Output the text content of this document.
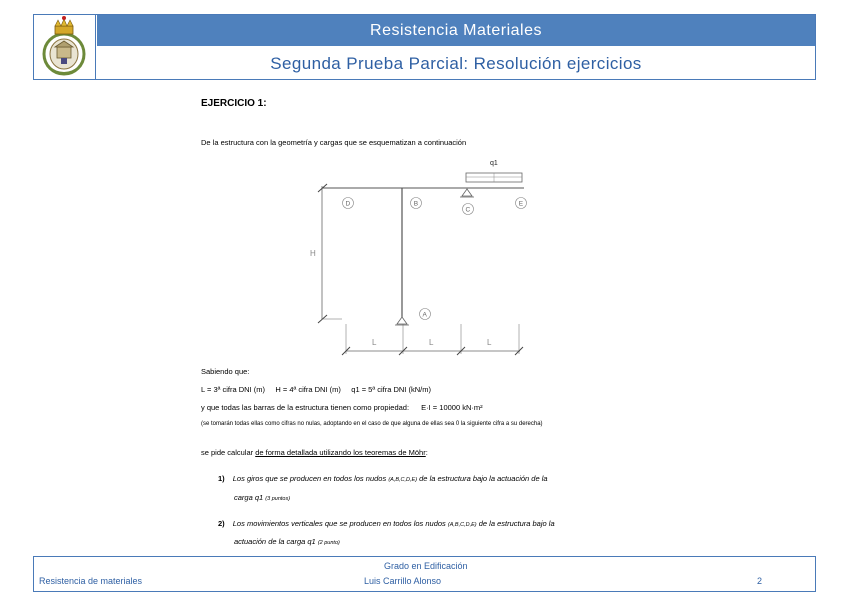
Resistencia Materiales
Segunda Prueba Parcial: Resolución ejercicios
EJERCICIO 1:
De la estructura con la geometría y cargas que se esquematizan a continuación
q1
D	B
C
E
A
H
L	L	L
Sabiendo que:
L = 3ª cifra DNI (m)     H = 4ª cifra DNI (m)     q1 = 5ª cifra DNI (kN/m)
y que todas las barras de la estructura tienen como propiedad: E·I = 10000 kN·m²
(se tomarán todas ellas como cifras no nulas, adoptando en el caso de que alguna de ellas sea 0 la siguiente cifra a su derecha)
se pide calcular de forma detallada utilizando los teoremas de Möhr:
1) Los giros que se producen en todos los nudos (A,B,C,D,E) de la estructura bajo la actuación de la
carga q1 (3 puntos)
2) Los movimientos verticales que se producen en todos los nudos (A,B,C,D,E) de la estructura bajo la
actuación de la carga q1 (2 punto)
Resistencia de materiales
Grado en Edificación
Luis Carrillo Alonso	2
